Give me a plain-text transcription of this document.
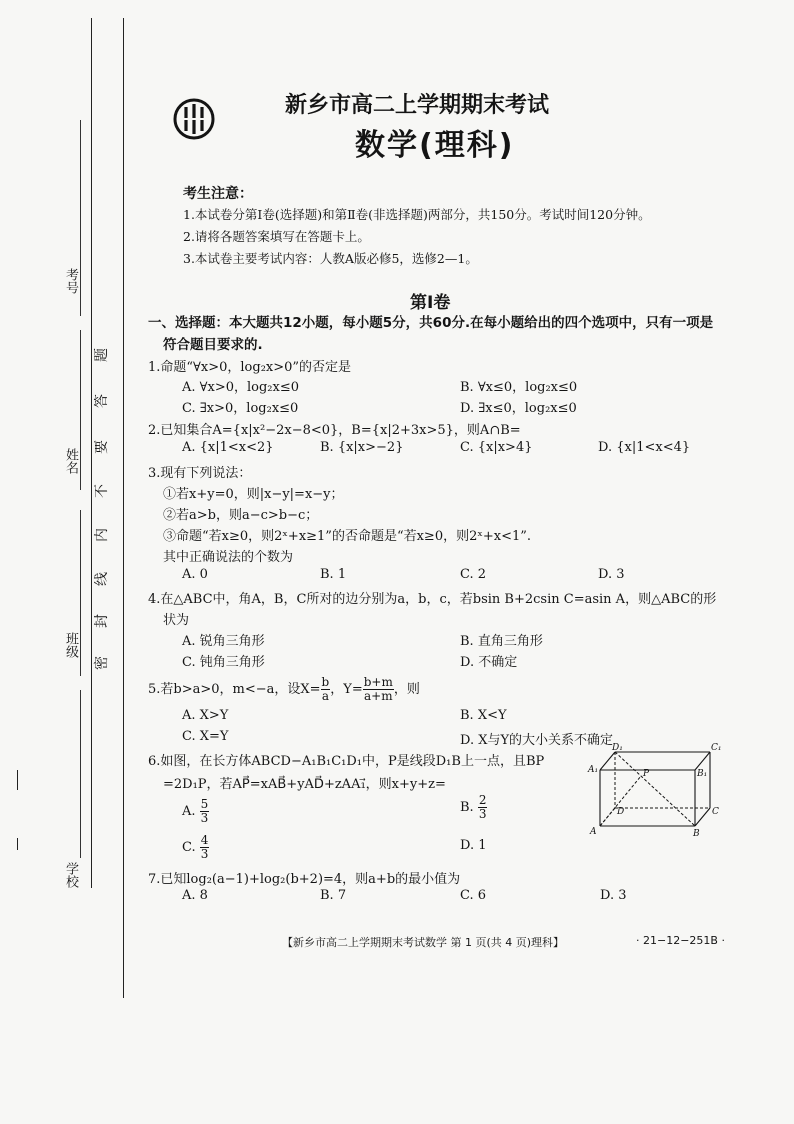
考号
姓名
班级
学校
题
答
要
不
内
线
封
密
新乡市高二上学期期末考试
数学(理科)
考生注意：
1.本试卷分第Ⅰ卷(选择题)和第Ⅱ卷(非选择题)两部分，共150分。考试时间120分钟。
2.请将各题答案填写在答题卡上。
3.本试卷主要考试内容：人教A版必修5，选修2—1。
第Ⅰ卷
一、选择题：本大题共12小题，每小题5分，共60分.在每小题给出的四个选项中，只有一项是
符合题目要求的.
1.命题“∀x>0，log₂x>0”的否定是
A. ∀x>0，log₂x≤0	B. ∀x≤0，log₂x≤0
C. ∃x>0，log₂x≤0	D. ∃x≤0，log₂x≤0
2.已知集合A={x|x²−2x−8<0}，B={x|2+3x>5}，则A∩B=
A. {x|1<x<2}	B. {x|x>−2}	C. {x|x>4}	D. {x|1<x<4}
3.现有下列说法：
①若x+y=0，则|x−y|=x−y；
②若a>b，则a−c>b−c；
③命题“若x≥0，则2ˣ+x≥1”的否命题是“若x≥0，则2ˣ+x<1”.
其中正确说法的个数为
A. 0	B. 1	C. 2	D. 3
4.在△ABC中，角A，B，C所对的边分别为a，b，c，若bsin B+2csin C=asin A，则△ABC的形
状为
A. 锐角三角形	B. 直角三角形
C. 钝角三角形	D. 不确定
5.若b>a>0，m<−a，设$X= \frac{b}{a}$ ，$Y= \frac{b+m}{a+m}$ ，则
A. X>Y	B. X<Y
C. X=Y	D. X与Y的大小关系不确定
6.如图，在长方体ABCD−A₁B₁C₁D₁中，P是线段D₁B上一点，且BP
=2D₁P，若AP⃗=xAB⃗+yAD⃗+zAA₁⃗，则x+y+z=
A. $\frac{5}{3}$	B. $\frac{2}{3}$
C. $\frac{4}{3}$	D. 1
D₁	C₁
A₁	B₁
P
D	C
A	B
7.已知log₂(a−1)+log₂(b+2)=4，则a+b的最小值为
A. 8	B. 7	C. 6	D. 3
【新乡市高二上学期期末考试数学 第 1 页(共 4 页)理科】	· 21−12−251B ·
